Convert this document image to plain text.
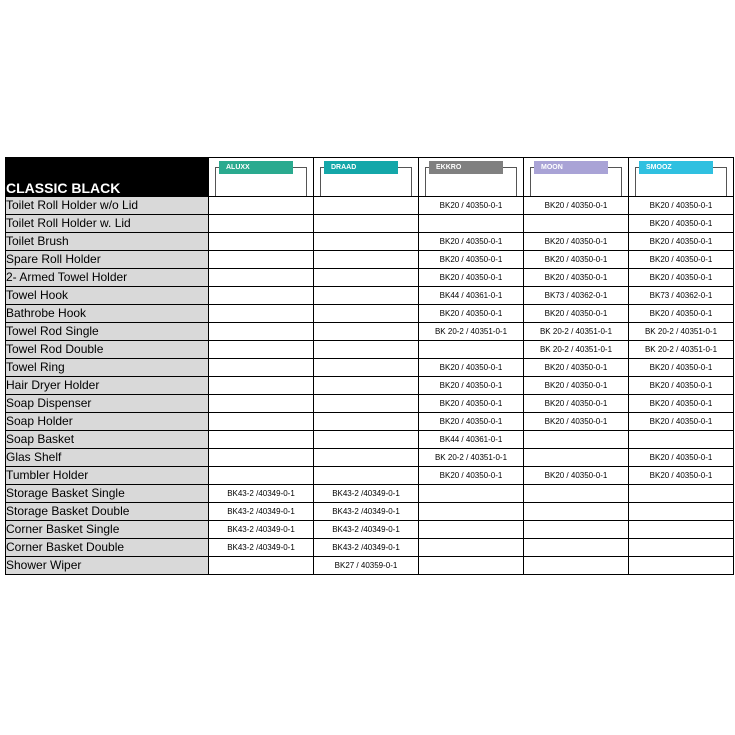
CLASSIC BLACK	ALUXX	DRAAD	EKKRO	MOON	SMOOZ

Toilet Roll Holder w/o Lid			BK20 / 40350-0-1	BK20 / 40350-0-1	BK20 / 40350-0-1
Toilet Roll Holder w. Lid					BK20 / 40350-0-1
Toilet Brush			BK20 / 40350-0-1	BK20 / 40350-0-1	BK20 / 40350-0-1
Spare Roll Holder			BK20 / 40350-0-1	BK20 / 40350-0-1	BK20 / 40350-0-1
2- Armed Towel Holder			BK20 / 40350-0-1	BK20 / 40350-0-1	BK20 / 40350-0-1
Towel Hook			BK44 / 40361-0-1	BK73 / 40362-0-1	BK73 / 40362-0-1
Bathrobe Hook			BK20 / 40350-0-1	BK20 / 40350-0-1	BK20 / 40350-0-1
Towel Rod Single			BK 20-2 / 40351-0-1	BK 20-2 / 40351-0-1	BK 20-2 / 40351-0-1
Towel Rod Double				BK 20-2 / 40351-0-1	BK 20-2 / 40351-0-1
Towel Ring			BK20 / 40350-0-1	BK20 / 40350-0-1	BK20 / 40350-0-1
Hair Dryer Holder			BK20 / 40350-0-1	BK20 / 40350-0-1	BK20 / 40350-0-1
Soap Dispenser			BK20 / 40350-0-1	BK20 / 40350-0-1	BK20 / 40350-0-1
Soap Holder			BK20 / 40350-0-1	BK20 / 40350-0-1	BK20 / 40350-0-1
Soap Basket			BK44 / 40361-0-1		
Glas Shelf			BK 20-2 / 40351-0-1		BK20 / 40350-0-1
Tumbler Holder			BK20 / 40350-0-1	BK20 / 40350-0-1	BK20 / 40350-0-1
Storage Basket Single	BK43-2 /40349-0-1	BK43-2 /40349-0-1			
Storage Basket Double	BK43-2 /40349-0-1	BK43-2 /40349-0-1			
Corner Basket Single	BK43-2 /40349-0-1	BK43-2 /40349-0-1			
Corner Basket Double	BK43-2 /40349-0-1	BK43-2 /40349-0-1			
Shower Wiper		BK27 / 40359-0-1			
